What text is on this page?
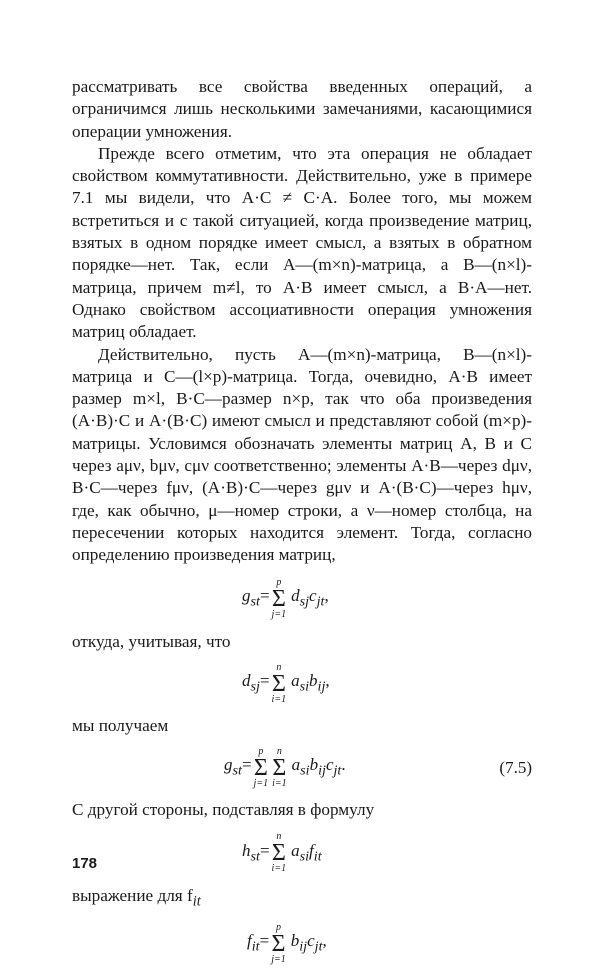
рассматривать все свойства введенных операций, а ограничимся лишь несколькими замечаниями, касающимися операции умножения.

Прежде всего отметим, что эта операция не обладает свойством коммутативности. Действительно, уже в примере 7.1 мы видели, что A·C ≠ C·A. Более того, мы можем встретиться и с такой ситуацией, когда произведение матриц, взятых в одном порядке имеет смысл, а взятых в обратном порядке—нет. Так, если A—(m×n)-матрица, а B—(n×l)-матрица, причем m≠l, то A·B имеет смысл, а B·A—нет. Однако свойством ассоциативности операция умножения матриц обладает.

Действительно, пусть A—(m×n)-матрица, B—(n×l)-матрица и C—(l×p)-матрица. Тогда, очевидно, A·B имеет размер m×l, B·C—размер n×p, так что оба произведения (A·B)·C и A·(B·C) имеют смысл и представляют собой (m×p)-матрицы. Условимся обозначать элементы матриц A, B и C через aμν, bμν, cμν соответственно; элементы A·B—через dμν, B·C—через fμν, (A·B)·C—через gμν и A·(B·C)—через hμν, где, как обычно, μ—номер строки, а ν—номер столбца, на пересечении которых находится элемент. Тогда, согласно определению произведения матриц,

$g_{st}=$
p
Σ
j=1
$d_{sj}c_{jt}$,

откуда, учитывая, что

$d_{sj}=$
n
Σ
i=1
$a_{si}b_{ij}$,

мы получаем

$g_{st}=$
p
Σ
j=1
n
Σ
i=1
$a_{si}b_{ij}c_{jt}$.	(7.5)

С другой стороны, подставляя в формулу

$h_{st}=$
n
Σ
i=1
$a_{si}f_{it}$

выражение для $f_{it}$

$f_{it}=$
p
Σ
j=1
$b_{ij}c_{jt}$,
178
